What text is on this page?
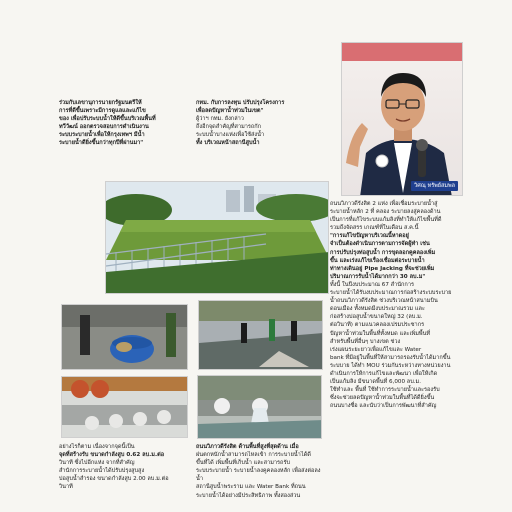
ร่วมกับเลขานุการนายกรัฐมนตรีให้

การที่ดีขึ้นเพราะมีการดูแลและแก้ไข

ของ เพื่อปรับระบบน้ำให้ดีขึ้นบริเวณพื้นที่

ทวีวัฒน์ ออกตรวจสอบการดำเนินงาน

ระบบระบายน้ำเพื่อให้กรุงเทพฯ มีน้ำ

ระบายน้ำดียิ่งขึ้นกว่าทุกปีที่ผ่านมา"

กทม. กับการลงทุน ปรับปรุงโครงการ

เพื่อลดปัญหาน้ำท่วมในเขต"

ผู้ว่าฯ กทม. ยังกล่าว

ถึงอีกจุดสำคัญที่สามารถกัก

ระบบน้ำบางแห่งเพื่อใช้ส่งน้ำ

ทั้ง บริเวณหน้าสถานีสูบน้ำ

วิศณุ ทรัพย์สมพล

ถนนวิภาวดีรังสิต 2 แห่ง เพื่อเชื่อมระบายน้ำสู่

ระบายน้ำหลัก 2 ที่ คลอง ระบายลงสู่คลองด้าน

เป็นการที่แก้ไขระบบแก้มลิงที่ทำให้แก้ไขพื้นที่ดี

รวมถึงจัดสรร เกณฑ์ที่ในเดือน ส.ค.นี้

"การแก้ไขปัญหาบริเวณนี้หาดอยู่

จำเป็นต้องดำเนินการตามการจัดผู้ทำ เช่น

การปรับปรุงท่อสูบน้ำ การขุดลอกคูคลองเพิ่ม

ขึ้น และเร่งแก้ไขเรื่องเชื่อมต่อระบายน้ำ

ท่าทางเดินอยู่ Pipe Jacking ที่จะช่วยเพิ่ม

ปริมาณการรับน้ำได้มากกว่า 30 ลบ.ม"

ทั้งนี้ ในปีงบประมาณ 67 สำนักการ

ระบายน้ำได้รับงบประมาณการก่อสร้างระบบระบาย

น้ำถนนวิภาวดีรังสิต ช่วงบริเวณหน้าสนามบิน

ดอนเมือง ทั้งหมดมีงบประมาณรวม และ

ก่อสร้างบ่อสูบน้ำขนาดใหญ่ 32 (ลบ.ม.

ต่อวินาที) ตามแนวคลองเปรมประชากร

ปัญหาน้ำท่วมในพื้นที่ทั้งหมด และเพิ่มพื้นที่

สำหรับพื้นที่อื่นๆ บางเขต ช่วง

เร่งแผนระยะยาวเพื่อแก้ไขและ Water

bank ที่มีอยู่ในพื้นที่ให้สามารถรองรับน้ำได้มากขึ้น

ระบบาย ได้ทำ MOU ร่วมกันระหว่างทางหน่วยงาน

ดำเนินการให้การแก้ไขและพัฒนา เพื่อให้เกิด

เป็นแก้มลิง มีขนาดพื้นที่ 6,000 ลบ.ม.

ใช้ทำและ พื้นที่ ใช้ทำการระบายน้ำและรองรับ

ซึ่งจะช่วยลดปัญหาน้ำท่วมในพื้นที่ได้ดียิ่งขึ้น

ถนนบางซื่อ และนับว่าเป็นการพัฒนาที่สำคัญ

อย่างไรก็ตาม เนื่องจากจุดนี้เป็น

จุดที่สร้างรับ ขนาดกำลังสูบ 0.62 ลบ.ม.ต่อ

วินาที ซึ่งไปอีกแห่ง จากที่สำคัญ

สำนักการระบายน้ำได้ปรับปรุงสูบสูง

บ่อสูบน้ำสำรอง ขนาดกำลังสูบ 2.00 ลบ.ม.ต่อ

วินาที

ถนนวิภาวดีรังสิต ด้านพื้นที่สูงที่สุดด้าน เมื่อ

ฝนตกหนักน้ำสามารถไหลเข้า การระบายน้ำได้ดี

ขึ้นที่ได้ เพิ่มพื้นที่เก็บน้ำ และสามารถรับ

ระบบระบายน้ำ ระบายน้ำลงคูคลองหลัก เพื่อส่งต่อลงน้ำ

สถานีสูบน้ำพระราม และ Water Bank ที่ถนน

ระบายน้ำได้อย่างมีประสิทธิภาพ ทั้งสองส่วน
